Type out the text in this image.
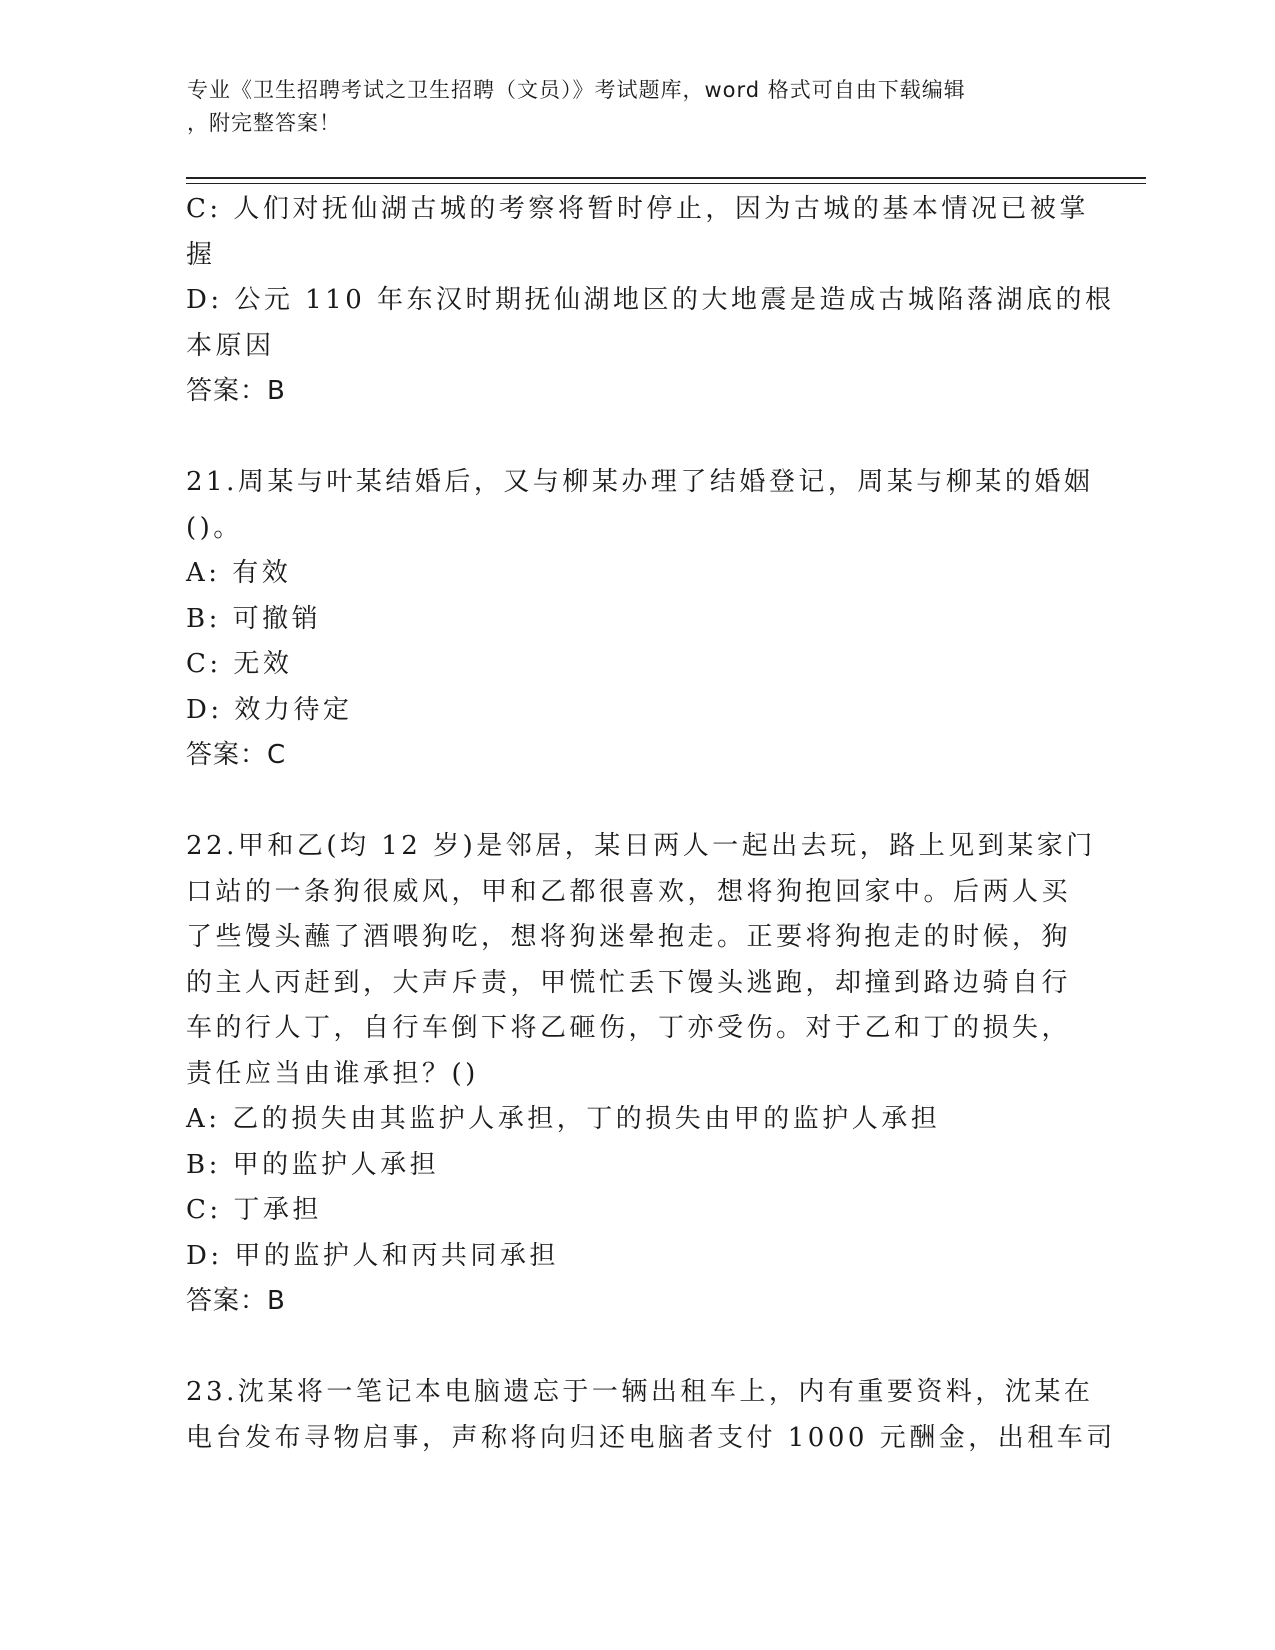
专业《卫生招聘考试之卫生招聘（文员）》考试题库，word 格式可自由下载编辑
，附完整答案！
C: 人们对抚仙湖古城的考察将暂时停止，因为古城的基本情况已被掌
握
D: 公元 110 年东汉时期抚仙湖地区的大地震是造成古城陷落湖底的根
本原因
答案：B
21.周某与叶某结婚后，又与柳某办理了结婚登记，周某与柳某的婚姻
()。
A: 有效
B: 可撤销
C: 无效
D: 效力待定
答案：C
22.甲和乙(均 12 岁)是邻居，某日两人一起出去玩，路上见到某家门
口站的一条狗很威风，甲和乙都很喜欢，想将狗抱回家中。后两人买
了些馒头蘸了酒喂狗吃，想将狗迷晕抱走。正要将狗抱走的时候，狗
的主人丙赶到，大声斥责，甲慌忙丢下馒头逃跑，却撞到路边骑自行
车的行人丁，自行车倒下将乙砸伤，丁亦受伤。对于乙和丁的损失，
责任应当由谁承担？()
A: 乙的损失由其监护人承担，丁的损失由甲的监护人承担
B: 甲的监护人承担
C: 丁承担
D: 甲的监护人和丙共同承担
答案：B
23.沈某将一笔记本电脑遗忘于一辆出租车上，内有重要资料，沈某在
电台发布寻物启事，声称将向归还电脑者支付 1000 元酬金，出租车司
